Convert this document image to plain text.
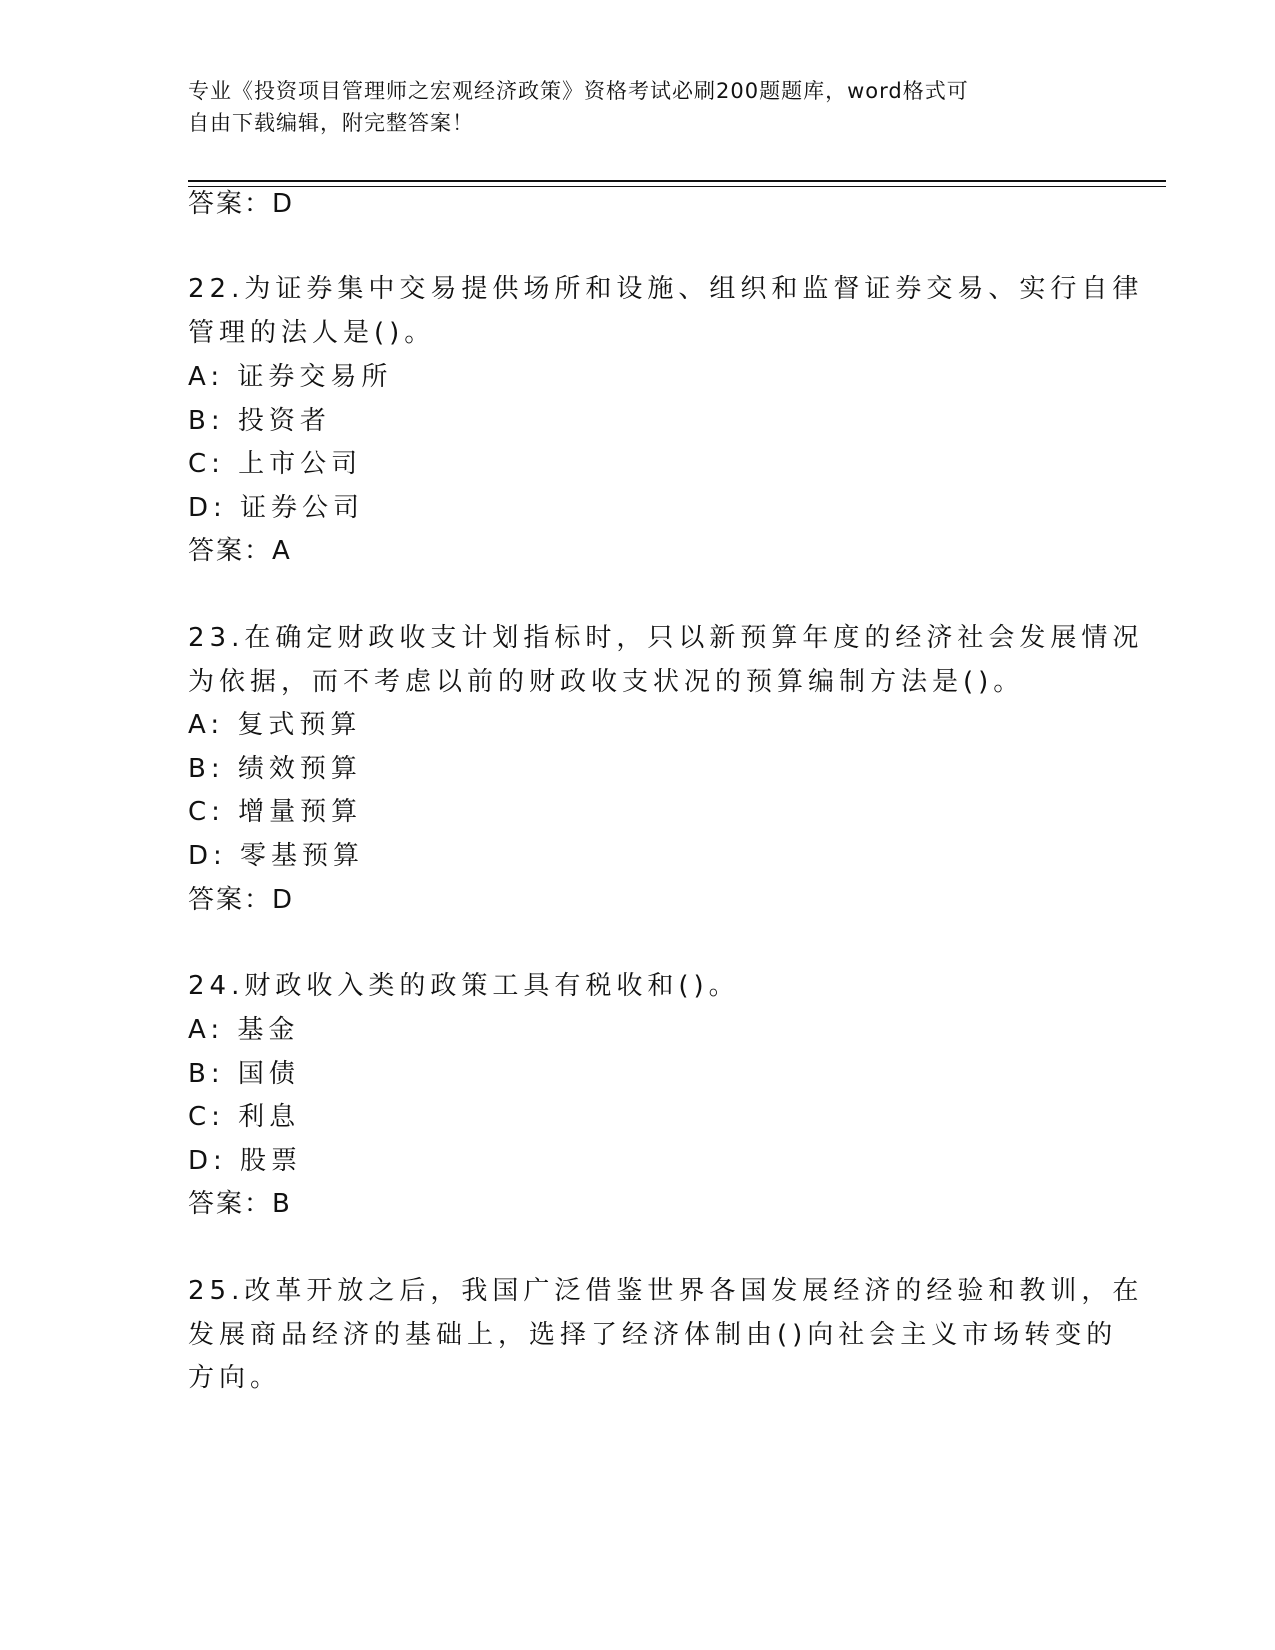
专业《投资项目管理师之宏观经济政策》资格考试必刷200题题库，word格式可
自由下载编辑，附完整答案！
答案：D
22.为证券集中交易提供场所和设施、组织和监督证券交易、实行自律
管理的法人是()。
A: 证券交易所
B: 投资者
C: 上市公司
D: 证券公司
答案：A
23.在确定财政收支计划指标时，只以新预算年度的经济社会发展情况
为依据，而不考虑以前的财政收支状况的预算编制方法是()。
A: 复式预算
B: 绩效预算
C: 增量预算
D: 零基预算
答案：D
24.财政收入类的政策工具有税收和()。
A: 基金
B: 国债
C: 利息
D: 股票
答案：B
25.改革开放之后，我国广泛借鉴世界各国发展经济的经验和教训，在
发展商品经济的基础上，选择了经济体制由()向社会主义市场转变的
方向。
